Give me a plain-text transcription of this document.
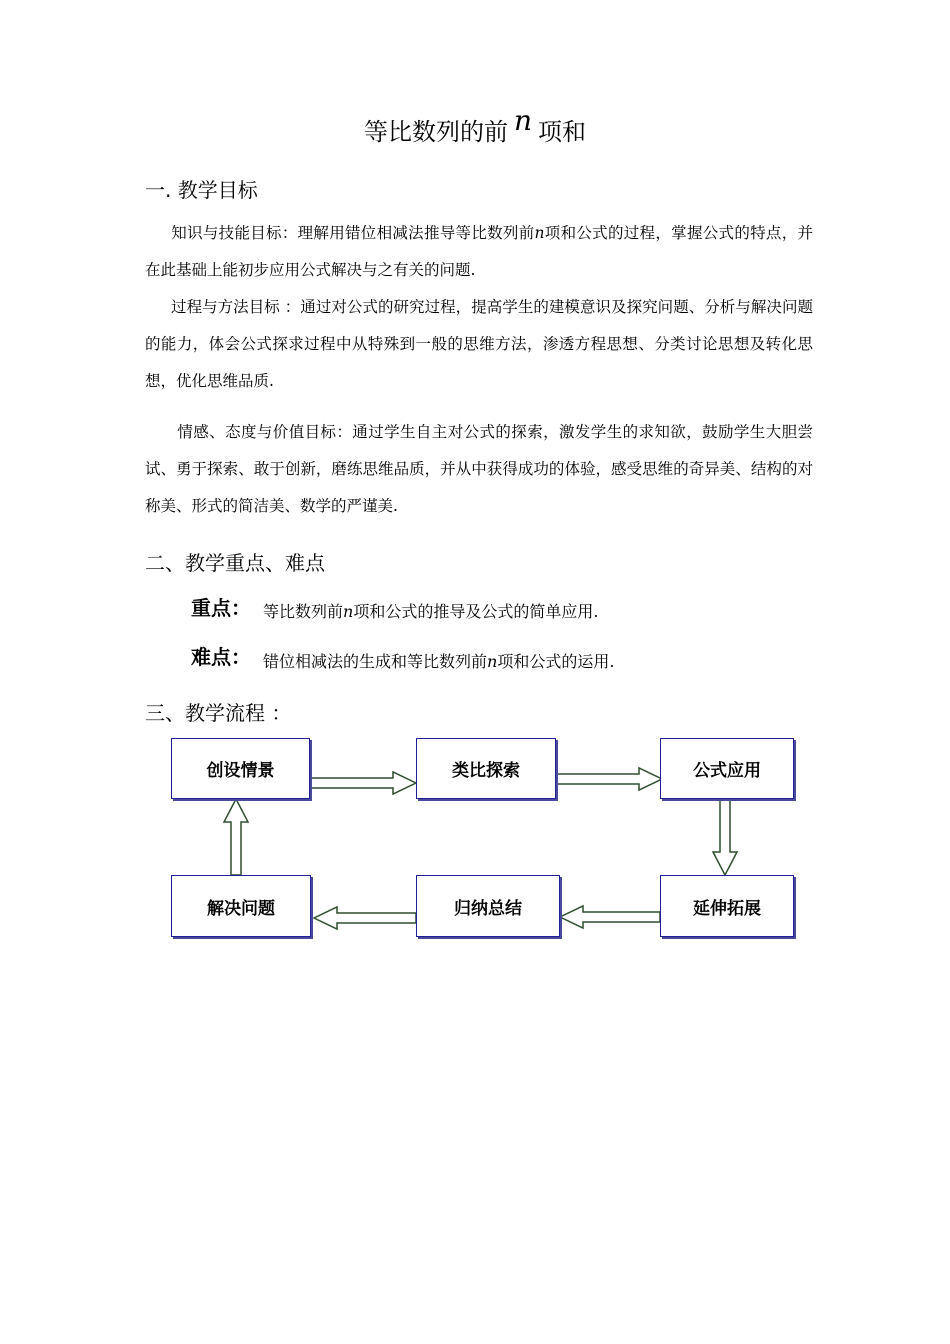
等比数列的前 n 项和
一. 教学目标
知识与技能目标：理解用错位相减法推导等比数列前n项和公式的过程，掌握公式的特点，并在此基础上能初步应用公式解决与之有关的问题.
过程与方法目标 ：通过对公式的研究过程，提高学生的建模意识及探究问题、分析与解决问题的能力，体会公式探求过程中从特殊到一般的思维方法，渗透方程思想、分类讨论思想及转化思想，优化思维品质.
情感、态度与价值目标：通过学生自主对公式的探索，激发学生的求知欲，鼓励学生大胆尝试、勇于探索、敢于创新，磨练思维品质，并从中获得成功的体验，感受思维的奇异美、结构的对称美、形式的简洁美、数学的严谨美.
二、教学重点、难点
重点： 等比数列前n项和公式的推导及公式的简单应用.
难点： 错位相减法的生成和等比数列前n项和公式的运用.
三、教学流程 ：
创设情景	类比探索	公式应用
延伸拓展
归纳总结
解决问题
